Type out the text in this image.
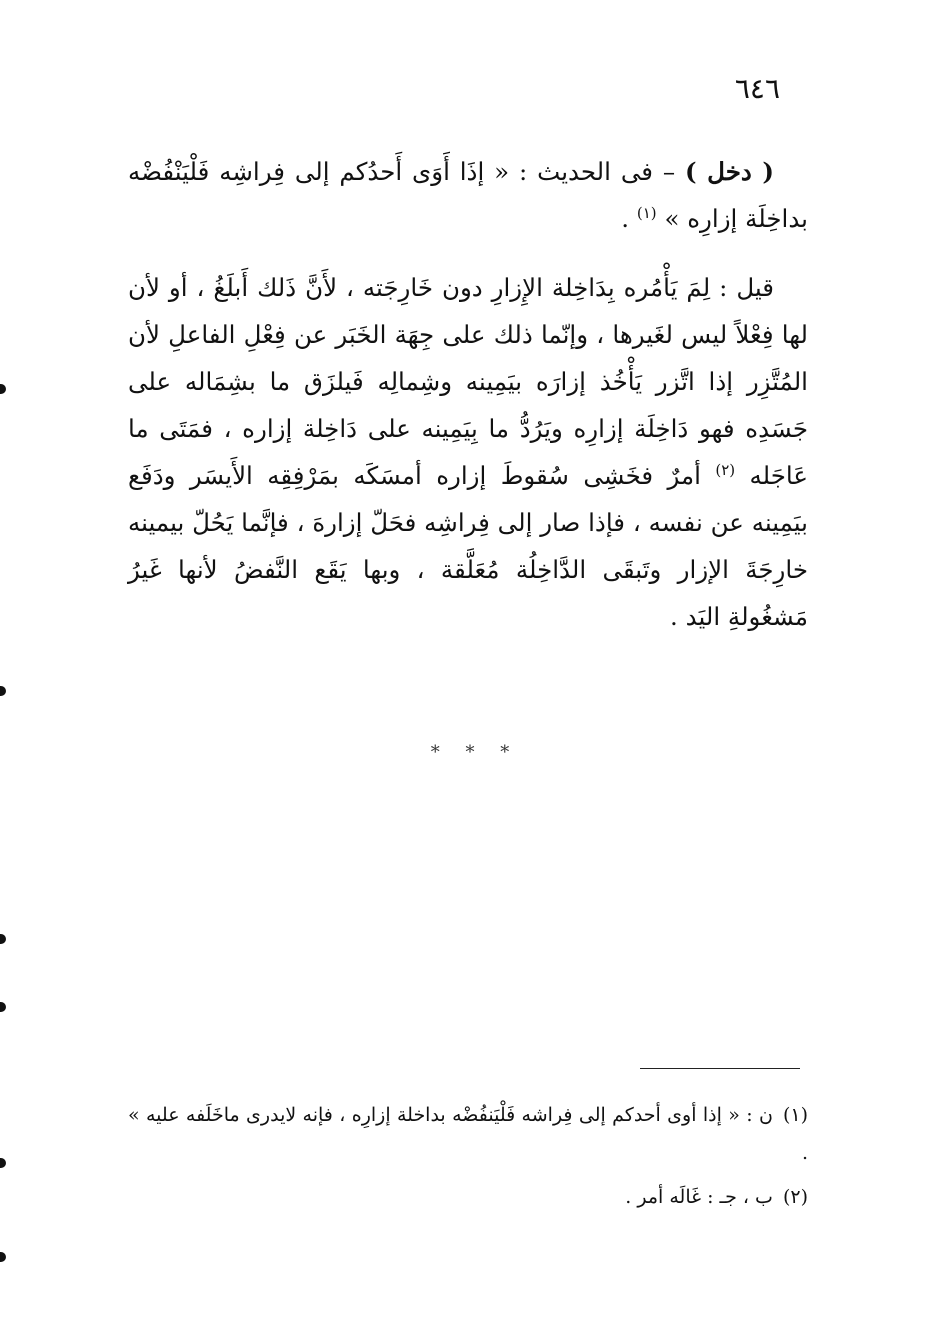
٦٤٦

( دخل ) – فى الحديث : « إذَا أَوَى أَحدُكم إلى فِراشِه فَلْيَنْفُضْه بداخِلَة إزارِه » $^{(١)}$ .

قيل : لِمَ يَأْمُره بِدَاخِلة الإِزارِ دون خَارِجَته ، لأَنَّ ذَلك أَبلَغُ ، أو لأن لها فِعْلاً ليس لغَيرها ، وإنّما ذلك على جِهَة الخَبَر عن فِعْلِ الفاعلِ لأن المُتَّزِر إذا اتَّزر يَأْخُذ إزارَه بيَمِينه وشِمالِه فَيلزَق ما بشِمَاله على جَسَدِه فهو دَاخِلَة إزارِه ويَرُدُّ ما بِيَمِينه على دَاخِلة إزاره ، فمَتَى ما عَاجَله $^{(٢)}$ أمرٌ فخَشِى سُقوطَ إزاره أمسَكَه بمَرْفِقِه الأَيسَر ودَفَع بيَمِينه عن نفسه ، فإذا صار إلى فِراشِه فحَلّ إزارهَ ، فإنَّما يَحُلّ بيمينه خارِجَةَ الإزار وتَبقَى الدَّاخِلُة مُعَلَّقة ، وبها يَقَع النَّفضُ لأنها غَيرُ مَشغُولةِ اليَد .

* * *

(١)ن : « إذا أوى أحدكم إلى فِراشه فَلْيَنفُضْه بداخلة إزارِه ، فإنه لايدرى ماخَلَفه عليه » .

(٢)ب ، جـ : غَالَه أمر .
